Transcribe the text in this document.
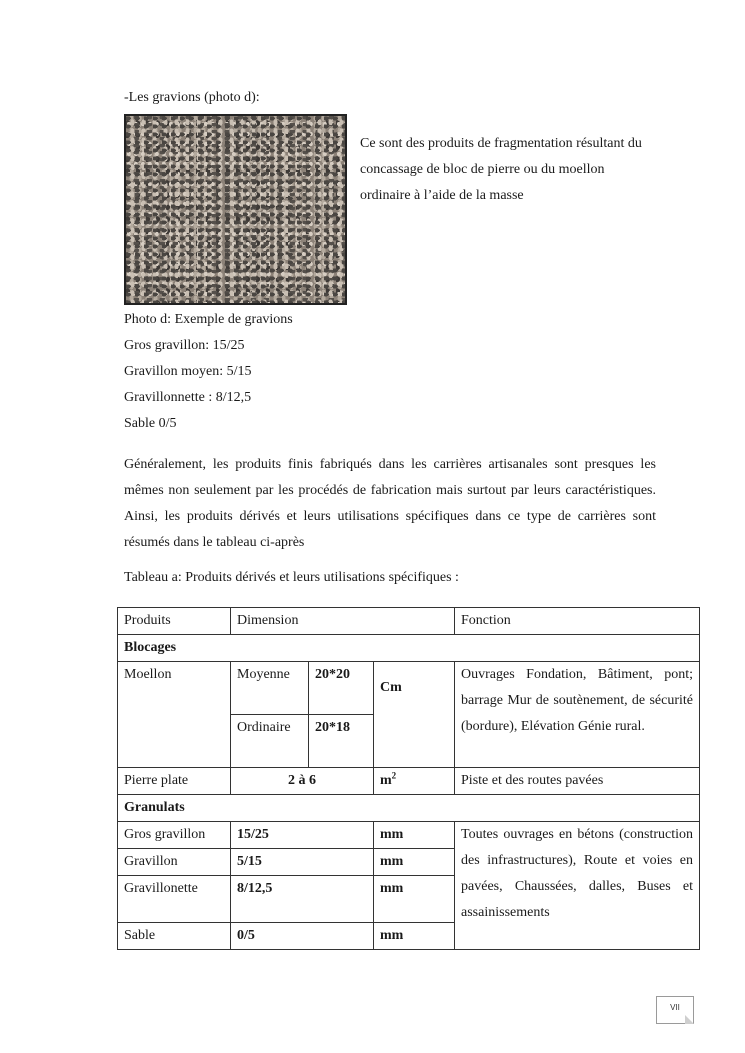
-Les gravions (photo d):
Ce sont des produits de fragmentation résultant du concassage de bloc de pierre ou du moellon ordinaire à l’aide de la masse
Photo d: Exemple de gravions
Gros gravillon: 15/25
Gravillon moyen: 5/15
Gravillonnette : 8/12,5
Sable 0/5
Généralement, les produits finis fabriqués dans les carrières artisanales sont presques les mêmes non seulement par les procédés de fabrication mais surtout par leurs caractéristiques. Ainsi, les produits dérivés et leurs utilisations spécifiques dans ce type de carrières sont résumés dans le tableau ci-après
Tableau a: Produits dérivés et leurs utilisations spécifiques :
Produits	Dimension			Fonction
Blocages				
Moellon	Moyenne	20*20	Cm	Ouvrages Fondation, Bâtiment, pont; barrage Mur de soutènement, de sécurité (bordure), Elévation Génie rural.
	Ordinaire	20*18		
Pierre plate	2 à 6		$m^2$	Piste et des routes pavées
Granulats				
Gros gravillon	15/25		mm	Toutes ouvrages en bétons (construction des infrastructures), Route et voies en pavées, Chaussées, dalles, Buses et assainissements
Gravillon	5/15		mm	
Gravillonette	8/12,5		mm	
Sable	0/5		mm	
VII
